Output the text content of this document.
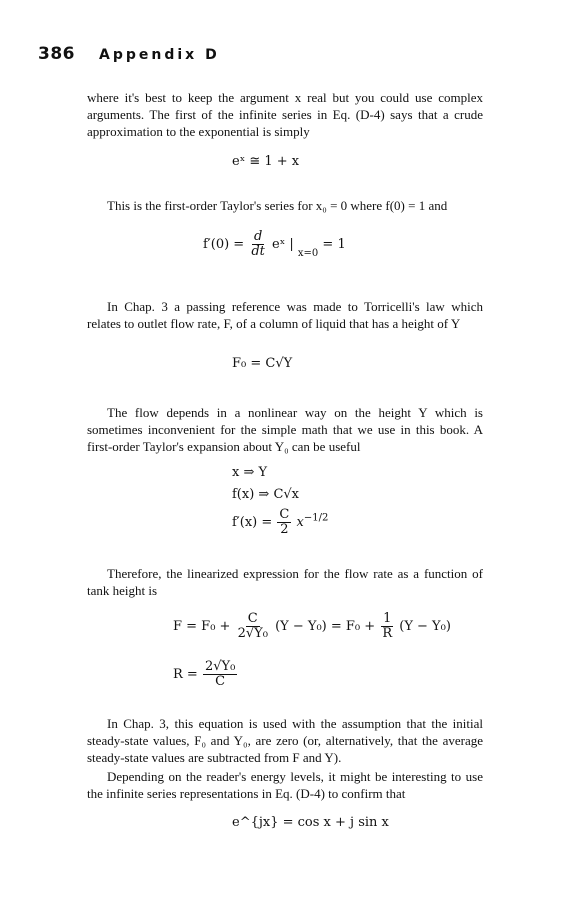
386 Appendix D

where it's best to keep the argument x real but you could use complex arguments. The first of the infinite series in Eq. (D-4) says that a crude approximation to the exponential is simply

eˣ ≅ 1 + x

This is the first-order Taylor's series for x₀ = 0 where f(0) = 1 and

$f'(0) = \frac{d}{dt}$ eˣ | $_{x=0}$ = 1

In Chap. 3 a passing reference was made to Torricelli's law which relates to outlet flow rate, F, of a column of liquid that has a height of Y

F₀ = C√Y

The flow depends in a nonlinear way on the height Y which is sometimes inconvenient for the simple math that we use in this book. A first-order Taylor's expansion about Y₀ can be useful

x ⇒ Y
f(x) ⇒ C√x
$f'(x) = \frac{C}{2} x^{-1/2}$

Therefore, the linearized expression for the flow rate as a function of tank height is

$F = F_0 + \frac{C}{\text{2√Y₀}} (Y - Y_0) = F_0 + \frac{1}{R} (Y - Y_0)$
$R = \frac{\text{2√Y₀}}{C}$

In Chap. 3, this equation is used with the assumption that the initial steady-state values, F₀ and Y₀, are zero (or, alternatively, that the average steady-state values are subtracted from F and Y).

Depending on the reader's energy levels, it might be interesting to use the infinite series representations in Eq. (D-4) to confirm that

e^{jx} = cos x + j sin x
